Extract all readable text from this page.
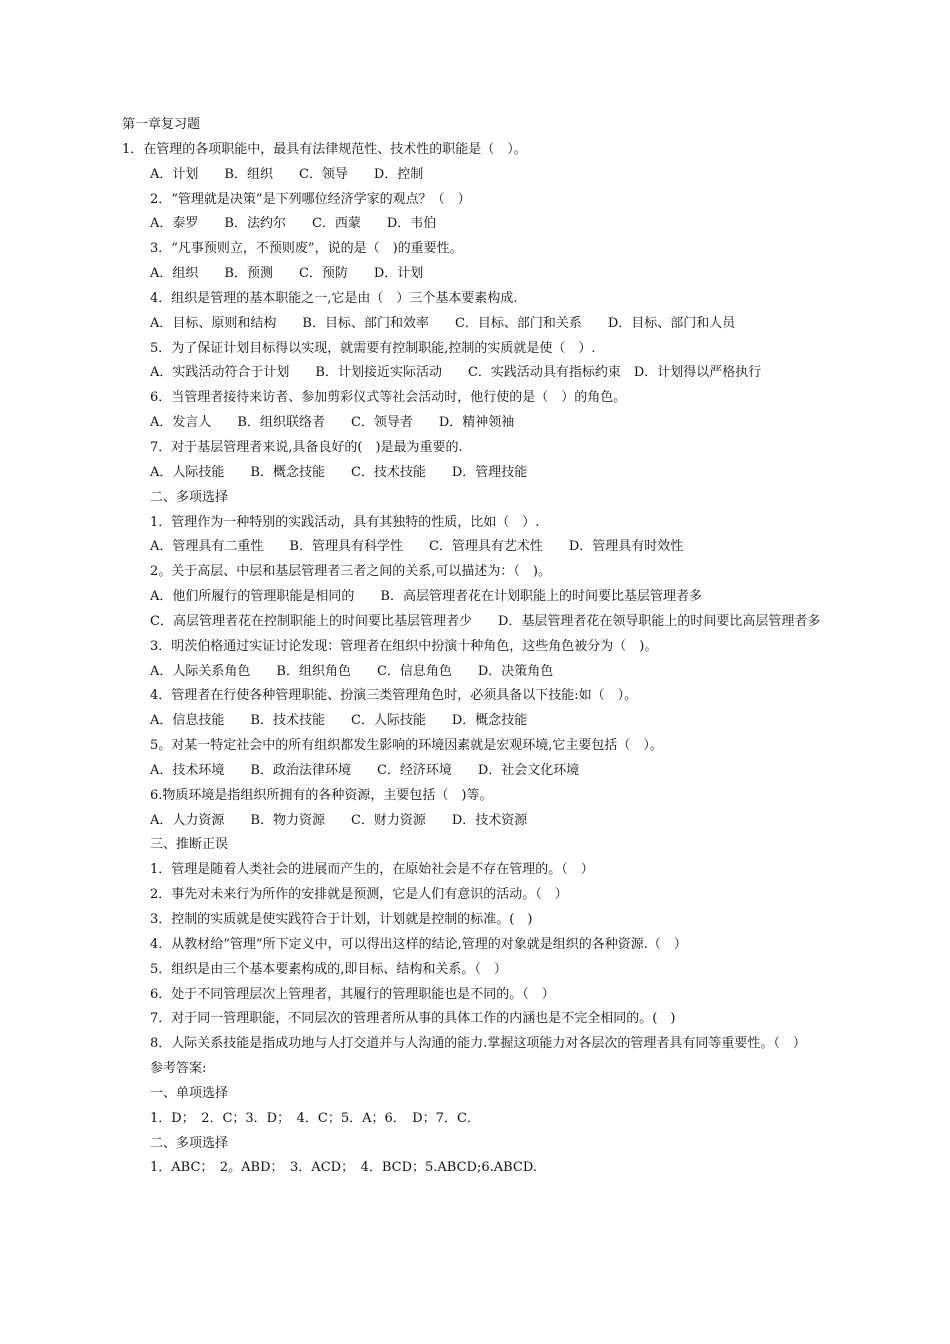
第一章复习题
1．在管理的各项职能中，最具有法律规范性、技术性的职能是（　）。
A．计划　　B．组织　　C．领导　　D．控制
2．“管理就是决策”是下列哪位经济学家的观点？（　）
A．泰罗　　B．法约尔　　C．西蒙　　D．韦伯
3．“凡事预则立，不预则废”，说的是（　)的重要性。
A．组织　　B．预测　　C．预防　　D．计划
4．组织是管理的基本职能之一,它是由（　）三个基本要素构成.
A．目标、原则和结构　　B．目标、部门和效率　　C．目标、部门和关系　　D．目标、部门和人员
5．为了保证计划目标得以实现，就需要有控制职能,控制的实质就是使（　）.
A．实践活动符合于计划　　B．计划接近实际活动　　C．实践活动具有指标约束　D．计划得以严格执行
6．当管理者接待来访者、参加剪彩仪式等社会活动时，他行使的是（　）的角色。
A．发言人　　B．组织联络者　　C．领导者　　D．精神领袖
7．对于基层管理者来说,具备良好的(　)是最为重要的.
A．人际技能　　B．概念技能　　C．技术技能　　D．管理技能
二、多项选择
1．管理作为一种特别的实践活动，具有其独特的性质，比如（　）.
A．管理具有二重性　　B．管理具有科学性　　C．管理具有艺术性　　D．管理具有时效性
2。关于高层、中层和基层管理者三者之间的关系,可以描述为：（　)。
A．他们所履行的管理职能是相同的　　B．高层管理者花在计划职能上的时间要比基层管理者多
C．高层管理者花在控制职能上的时间要比基层管理者少　　D．基层管理者花在领导职能上的时间要比高层管理者多
3．明茨伯格通过实证讨论发现：管理者在组织中扮演十种角色，这些角色被分为（　)。
A．人际关系角色　　B．组织角色　　C．信息角色　　D．决策角色
4．管理者在行使各种管理职能、扮演三类管理角色时，必须具备以下技能:如（　）。
A．信息技能　　B．技术技能　　C．人际技能　　D．概念技能
5。对某一特定社会中的所有组织都发生影响的环境因素就是宏观环境,它主要包括（　）。
A．技术环境　　B．政治法律环境　　C．经济环境　　D．社会文化环境
6.物质环境是指组织所拥有的各种资源，主要包括（　)等。
A．人力资源　　B．物力资源　　C．财力资源　　D．技术资源
三、推断正误
1．管理是随着人类社会的进展而产生的，在原始社会是不存在管理的。（　）
2．事先对未来行为所作的安排就是预测，它是人们有意识的活动。（　）
3．控制的实质就是使实践符合于计划，计划就是控制的标准。(　)
4．从教材给“管理”所下定义中，可以得出这样的结论,管理的对象就是组织的各种资源.（　）
5．组织是由三个基本要素构成的,即目标、结构和关系。（　）
6．处于不同管理层次上管理者，其履行的管理职能也是不同的。（　）
7．对于同一管理职能，不同层次的管理者所从事的具体工作的内涵也是不完全相同的。(　)
8．人际关系技能是指成功地与人打交道并与人沟通的能力.掌握这项能力对各层次的管理者具有同等重要性。（　）
参考答案:
一、单项选择
1．D；　2．C；3．D；　4．C；5．A；6．　D；7．C．
二、多项选择
1．ABC；　2。ABD；　3．ACD；　4．BCD；5.ABCD;6.ABCD.
